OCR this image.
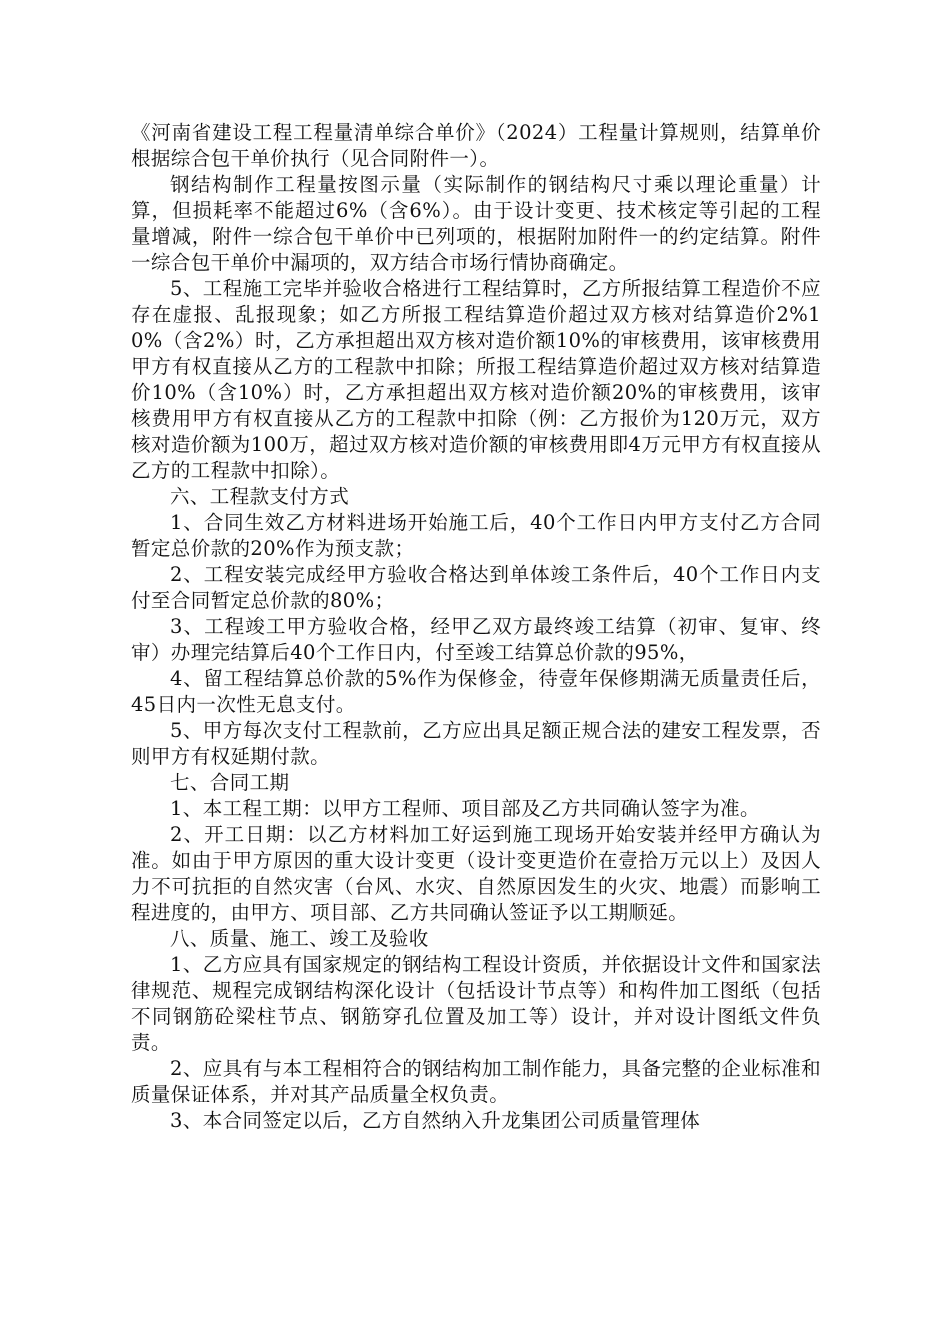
《河南省建设工程工程量清单综合单价》（2024）工程量计算规则，结算单价根据综合包干单价执行（见合同附件一）。

钢结构制作工程量按图示量（实际制作的钢结构尺寸乘以理论重量）计算，但损耗率不能超过6%（含6%）。由于设计变更、技术核定等引起的工程量增减，附件一综合包干单价中已列项的，根据附加附件一的约定结算。附件一综合包干单价中漏项的，双方结合市场行情协商确定。

5、工程施工完毕并验收合格进行工程结算时，乙方所报结算工程造价不应存在虚报、乱报现象；如乙方所报工程结算造价超过双方核对结算造价2%10%（含2%）时，乙方承担超出双方核对造价额10%的审核费用，该审核费用甲方有权直接从乙方的工程款中扣除；所报工程结算造价超过双方核对结算造价10%（含10%）时，乙方承担超出双方核对造价额20%的审核费用，该审核费用甲方有权直接从乙方的工程款中扣除（例：乙方报价为120万元，双方核对造价额为100万，超过双方核对造价额的审核费用即4万元甲方有权直接从乙方的工程款中扣除）。

六、工程款支付方式

1、合同生效乙方材料进场开始施工后，40个工作日内甲方支付乙方合同暂定总价款的20%作为预支款；

2、工程安装完成经甲方验收合格达到单体竣工条件后，40个工作日内支付至合同暂定总价款的80%；

3、工程竣工甲方验收合格，经甲乙双方最终竣工结算（初审、复审、终审）办理完结算后40个工作日内，付至竣工结算总价款的95%，

4、留工程结算总价款的5%作为保修金，待壹年保修期满无质量责任后，45日内一次性无息支付。

5、甲方每次支付工程款前，乙方应出具足额正规合法的建安工程发票，否则甲方有权延期付款。

七、合同工期

1、本工程工期：以甲方工程师、项目部及乙方共同确认签字为准。

2、开工日期：以乙方材料加工好运到施工现场开始安装并经甲方确认为准。如由于甲方原因的重大设计变更（设计变更造价在壹拾万元以上）及因人力不可抗拒的自然灾害（台风、水灾、自然原因发生的火灾、地震）而影响工程进度的，由甲方、项目部、乙方共同确认签证予以工期顺延。

八、质量、施工、竣工及验收

1、乙方应具有国家规定的钢结构工程设计资质，并依据设计文件和国家法律规范、规程完成钢结构深化设计（包括设计节点等）和构件加工图纸（包括不同钢筋砼梁柱节点、钢筋穿孔位置及加工等）设计，并对设计图纸文件负责。

2、应具有与本工程相符合的钢结构加工制作能力，具备完整的企业标准和质量保证体系，并对其产品质量全权负责。

3、本合同签定以后，乙方自然纳入升龙集团公司质量管理体
